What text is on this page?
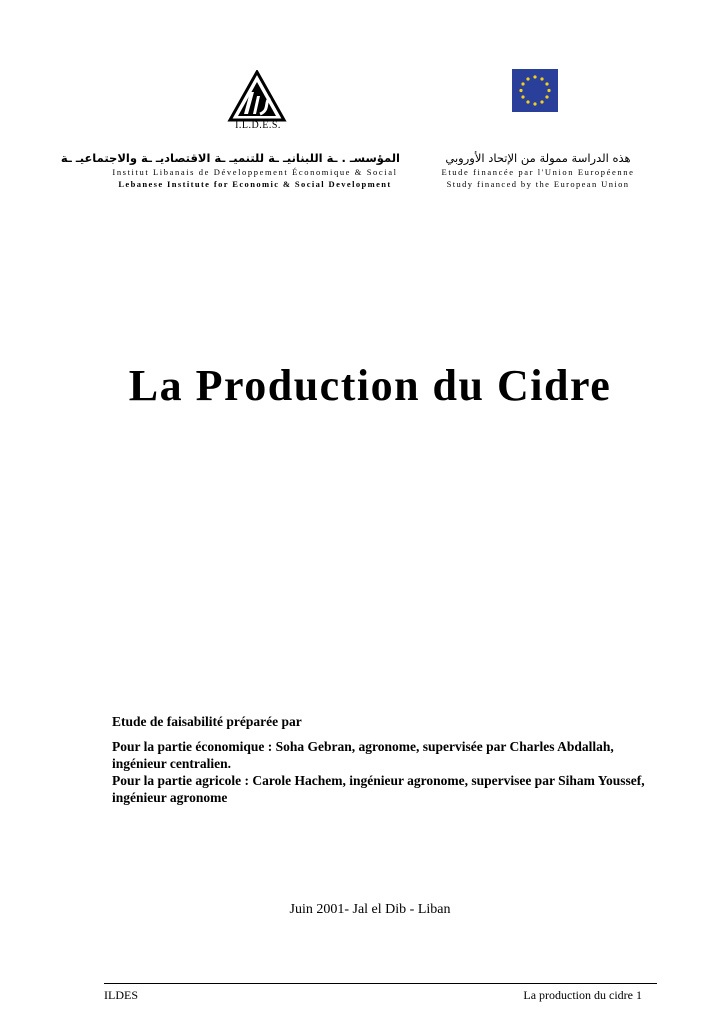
I.L.D.E.S.
المؤسسـ . ـة اللبنانيـ ـة للتنميـ ـة الاقتصاديـ ـة والاجتماعيـ ـة
Institut Libanais de Développement Économique & Social
Lebanese Institute for Economic & Social Development
هذه الدراسة ممولة من الإتحاد الأوروبي
Etude financée par l'Union Européenne
Study financed by the European Union
La Production du Cidre

Etude de faisabilité préparée par

Pour la partie économique : Soha Gebran, agronome, supervisée par Charles Abdallah,

ingénieur centralien.

Pour la partie agricole : Carole Hachem, ingénieur agronome, supervisee par Siham Youssef,

ingénieur agronome

Juin 2001- Jal el Dib - Liban
ILDES	La production du cidre 1
